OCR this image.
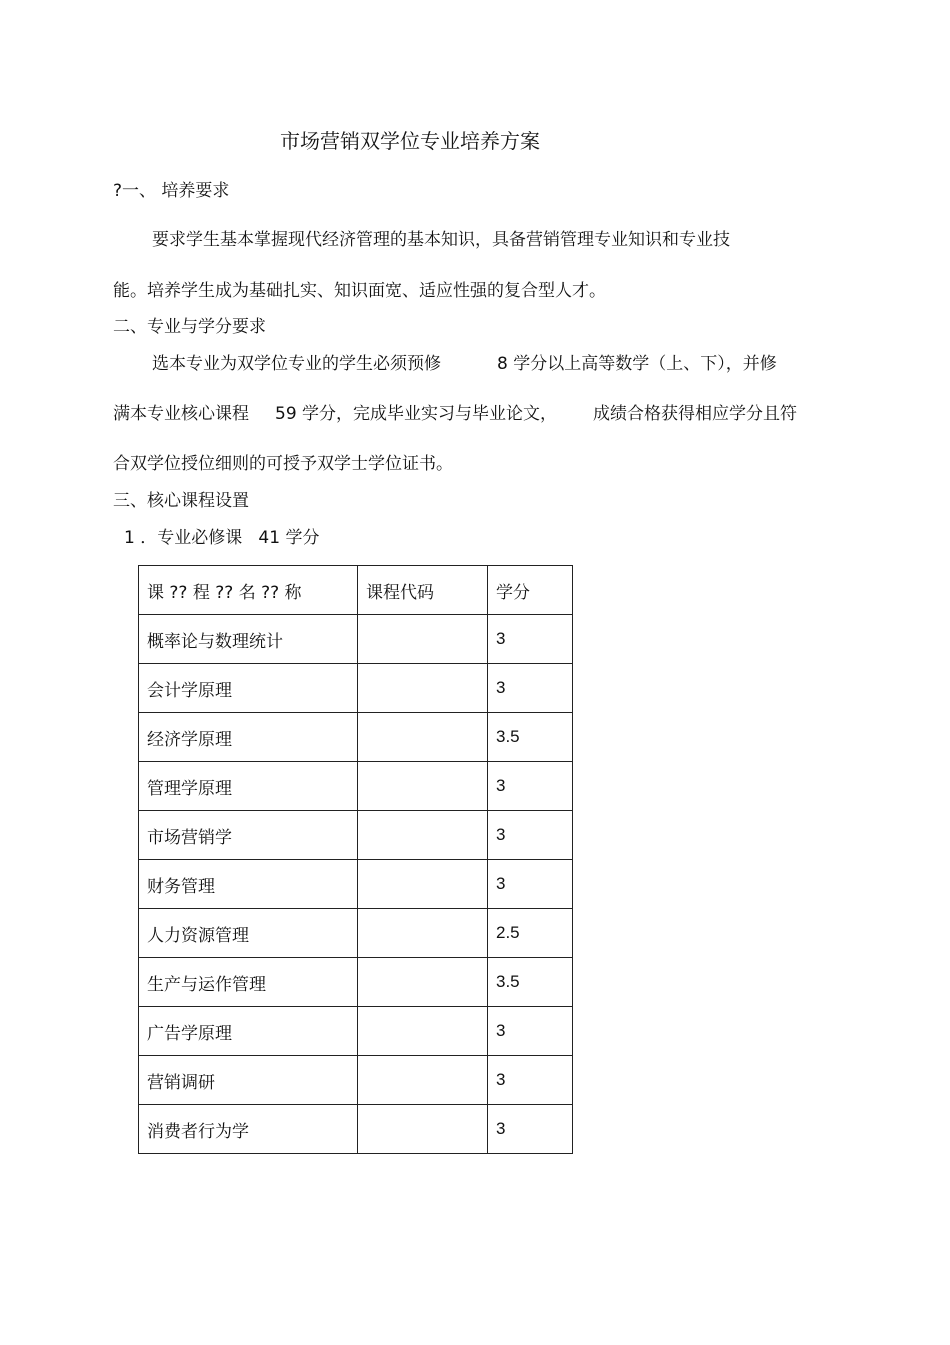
市场营销双学位专业培养方案
?一、 培养要求
要求学生基本掌握现代经济管理的基本知识，具备营销管理专业知识和专业技
能。培养学生成为基础扎实、知识面宽、适应性强的复合型人才。
二、专业与学分要求
选本专业为双学位专业的学生必须预修	8 学分以上高等数学（上、下），并修
满本专业核心课程 59 学分，完成毕业实习与毕业论文， 成绩合格获得相应学分且符
合双学位授位细则的可授予双学士学位证书。
三、核心课程设置
1 ．专业必修课   41 学分
课 ?? 程 ?? 名 ?? 称	课程代码	学分
概率论与数理统计		3
会计学原理		3
经济学原理		3.5
管理学原理		3
市场营销学		3
财务管理		3
人力资源管理		2.5
生产与运作管理		3.5
广告学原理		3
营销调研		3
消费者行为学		3
